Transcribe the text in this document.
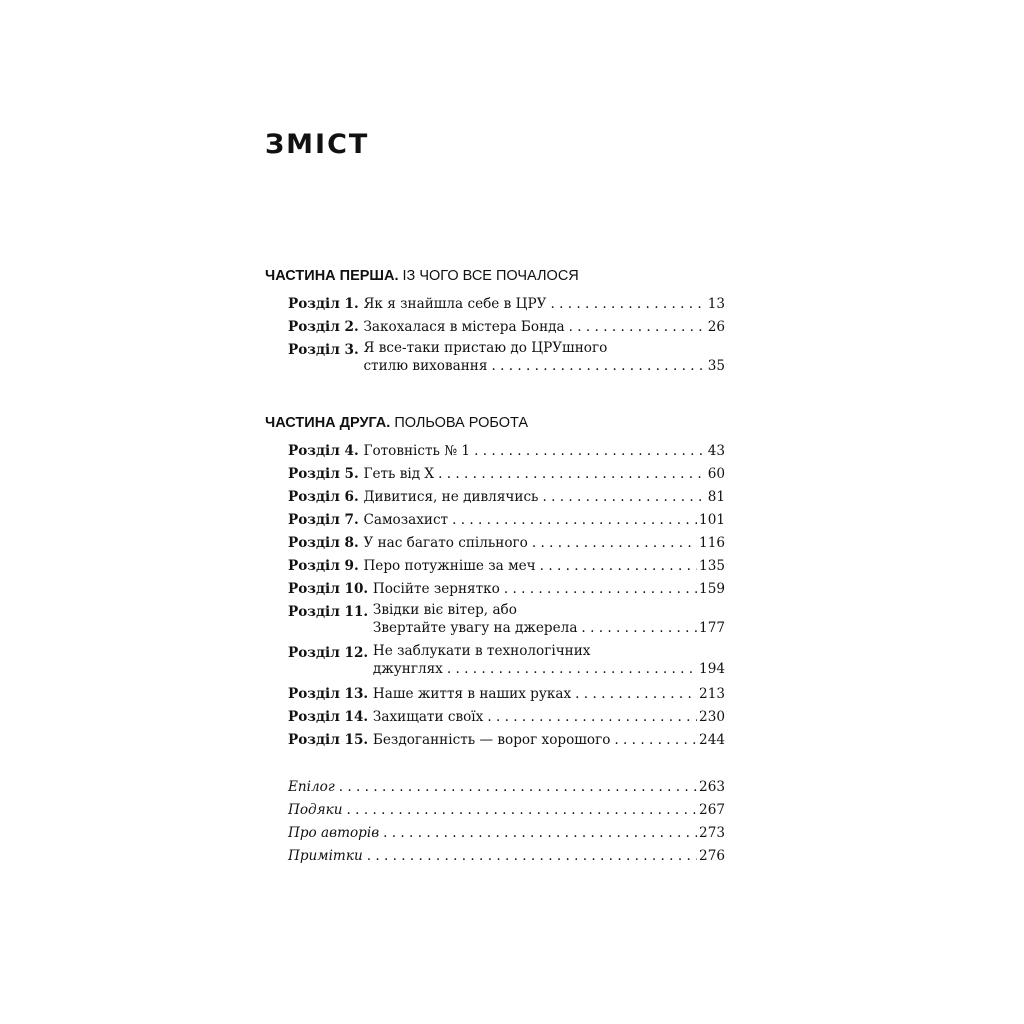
ЗМІСТ
ЧАСТИНА ПЕРША. ІЗ ЧОГО ВСЕ ПОЧАЛОСЯ
Розділ 1. Як я знайшла себе в ЦРУ . . .	13
Розділ 2. Закохалася в містера Бонда . . .	26
Розділ 3. Я все-таки пристаю до ЦРУшного
стилю виховання . . .	35
ЧАСТИНА ДРУГА. ПОЛЬОВА РОБОТА
Розділ 4. Готовність № 1 . . .	43
Розділ 5. Геть від Х . . .	60
Розділ 6. Дивитися, не дивлячись . . .	81
Розділ 7. Самозахист . . .	101
Розділ 8. У нас багато спільного . . .	116
Розділ 9. Перо потужніше за меч . . .	135
Розділ 10. Посійте зернятко . . .	159
Розділ 11. Звідки віє вітер, або
Звертайте увагу на джерела . . .	177
Розділ 12. Не заблукати в технологічних
джунглях . . .	194
Розділ 13. Наше життя в наших руках . . .	213
Розділ 14. Захищати своїх . . .	230
Розділ 15. Бездоганність — ворог хорошого . . .	244
Епілог . . .	263
Подяки . . .	267
Про авторів . . .	273
Примітки . . .	276
